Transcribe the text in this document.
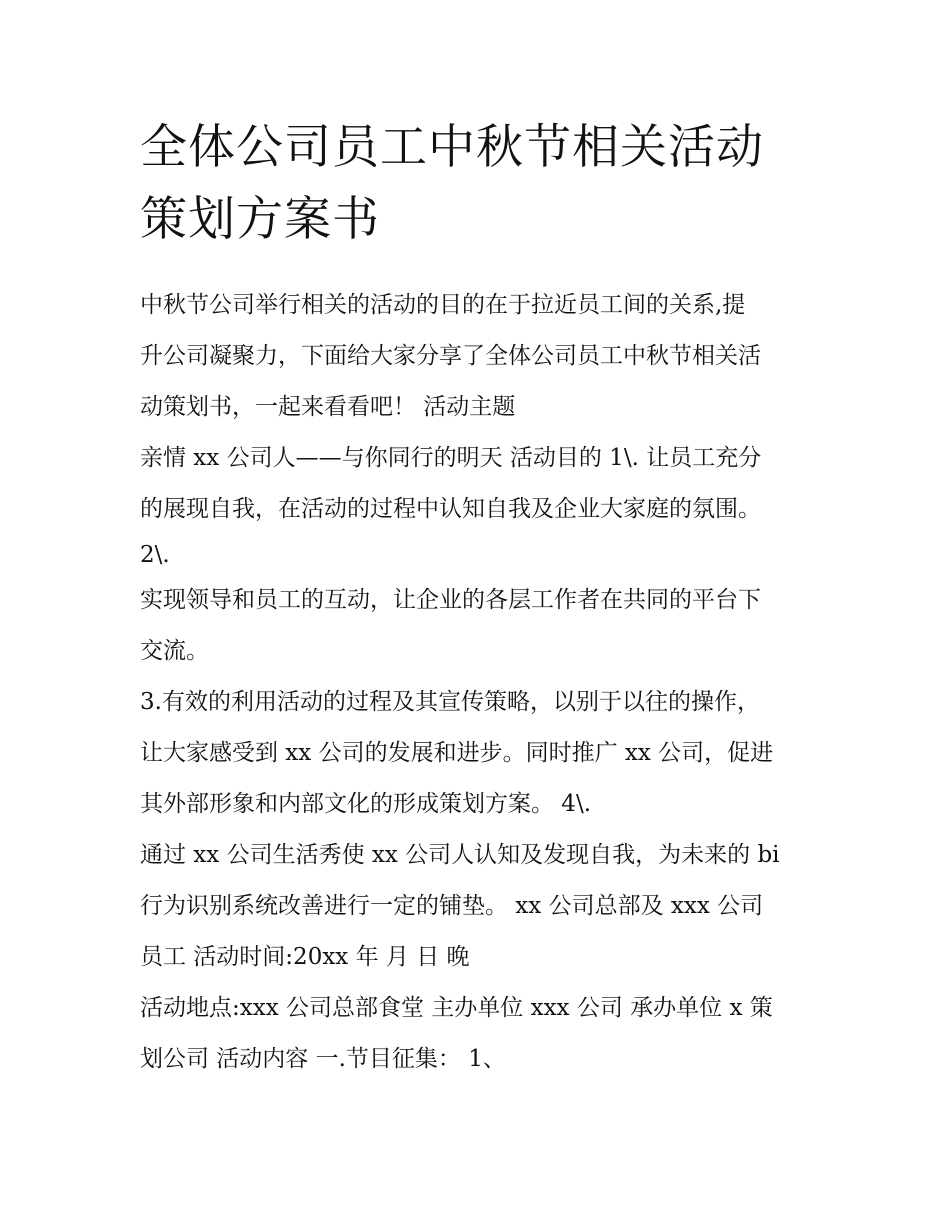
全体公司员工中秋节相关活动
策划方案书
中秋节公司举行相关的活动的目的在于拉近员工间的关系,提
升公司凝聚力，下面给大家分享了全体公司员工中秋节相关活
动策划书，一起来看看吧！ 活动主题
亲情 xx 公司人——与你同行的明天 活动目的 1\. 让员工充分
的展现自我，在活动的过程中认知自我及企业大家庭的氛围。
2\.
实现领导和员工的互动，让企业的各层工作者在共同的平台下
交流。
3.有效的利用活动的过程及其宣传策略，以别于以往的操作，
让大家感受到 xx 公司的发展和进步。同时推广 xx 公司，促进
其外部形象和内部文化的形成策划方案。 4\.
通过 xx 公司生活秀使 xx 公司人认知及发现自我，为未来的 bi
行为识别系统改善进行一定的铺垫。 xx 公司总部及 xxx 公司
员工 活动时间:20xx 年 月 日 晚
活动地点:xxx 公司总部食堂 主办单位 xxx 公司 承办单位 x 策
划公司 活动内容 一.节目征集： 1、
